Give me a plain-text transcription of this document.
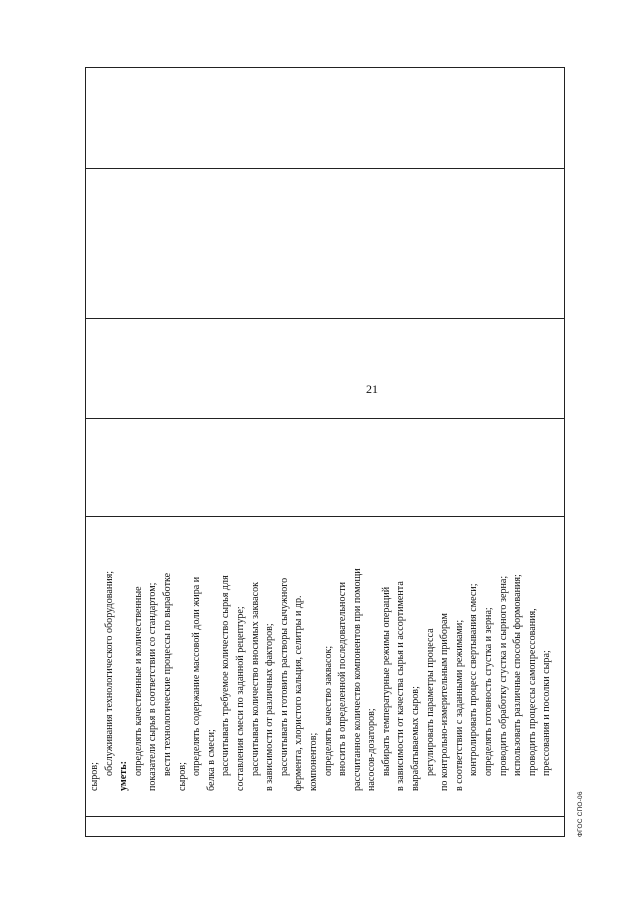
21
сыров;
обслуживания технологического оборудования;
уметь:
определять качественные и количественные показатели сырья в соответствии со стандартом; вести технологические процессы по выработке
сыров;
определять содержание массовой доли жира и белка в смеси; рассчитывать требуемое количество сырья для составления смеси по заданной рецептуре; рассчитывать количество вносимых заквасок в зависимости от различных факторов; рассчитывать и готовить растворы сычужного фермента, хлористого кальция, селитры и др. компонентов; определять качество заквасок; вносить в определенной последовательности рассчитанное количество компонентов при помощи насосов-дозаторов; выбирать температурные режимы операций в зависимости от качества сырья и ассортимента вырабатываемых сыров; регулировать параметры процесса по контрольно-измерительным приборам в соответствии с заданными режимами; контролировать процесс свертывания смеси; определять готовность сгустка и зерна; проводить обработку сгустка и сырного зерна; использовать различные способы формования; проводить процессы самопрессования, прессования и посолки сыра;
ФГОС СПО-06
